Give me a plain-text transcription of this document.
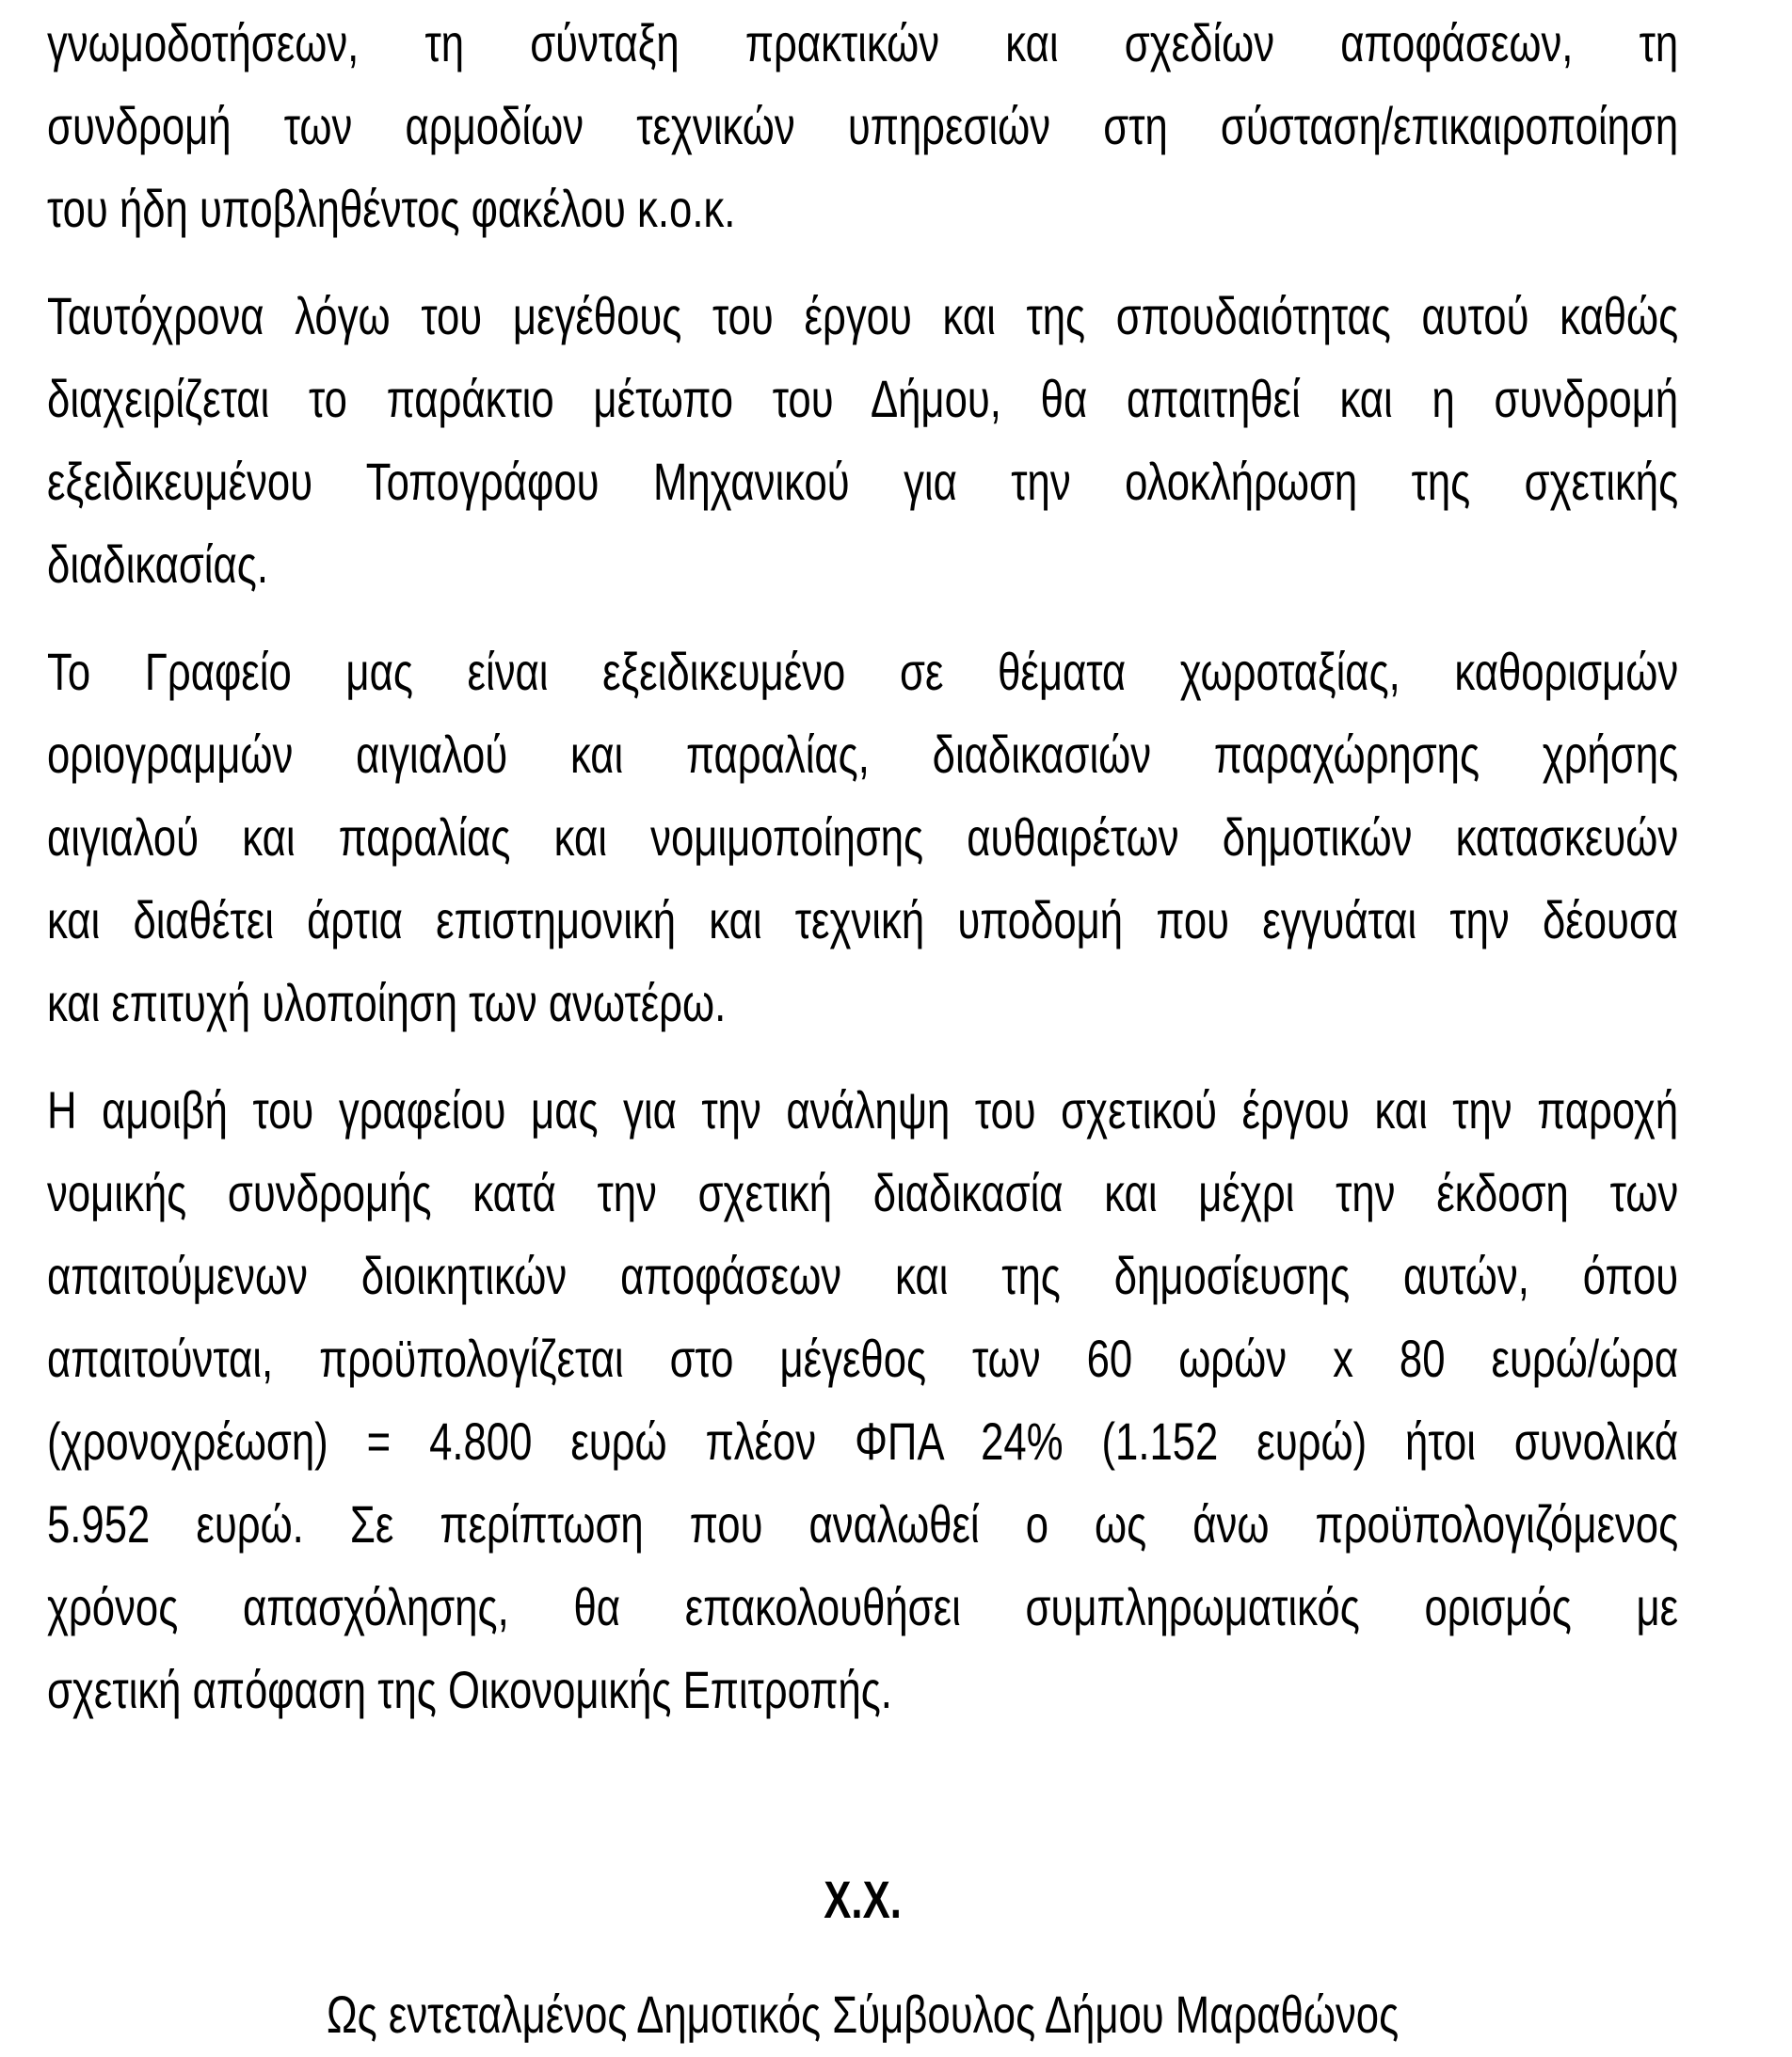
γνωμοδοτήσεων, τη σύνταξη πρακτικών και σχεδίων αποφάσεων, τη
συνδρομή των αρμοδίων τεχνικών υπηρεσιών στη σύσταση/επικαιροποίηση
του ήδη υποβληθέντος φακέλου κ.ο.κ.
Ταυτόχρονα λόγω του μεγέθους του έργου και της σπουδαιότητας αυτού καθώς
διαχειρίζεται το παράκτιο μέτωπο του Δήμου, θα απαιτηθεί και η συνδρομή
εξειδικευμένου Τοπογράφου Μηχανικού για την ολοκλήρωση της σχετικής
διαδικασίας.
Το Γραφείο μας είναι εξειδικευμένο σε θέματα χωροταξίας, καθορισμών
οριογραμμών αιγιαλού και παραλίας, διαδικασιών παραχώρησης χρήσης
αιγιαλού και παραλίας και νομιμοποίησης αυθαιρέτων δημοτικών κατασκευών
και διαθέτει άρτια επιστημονική και τεχνική υποδομή που εγγυάται την δέουσα
και επιτυχή υλοποίηση των ανωτέρω.
Η αμοιβή του γραφείου μας για την ανάληψη του σχετικού έργου και την παροχή
νομικής συνδρομής κατά την σχετική διαδικασία και μέχρι την έκδοση των
απαιτούμενων διοικητικών αποφάσεων και της δημοσίευσης αυτών, όπου
απαιτούνται, προϋπολογίζεται στο μέγεθος των 60 ωρών x 80 ευρώ/ώρα
(χρονοχρέωση) = 4.800 ευρώ πλέον ΦΠΑ 24% (1.152 ευρώ) ήτοι συνολικά
5.952 ευρώ. Σε περίπτωση που αναλωθεί ο ως άνω προϋπολογιζόμενος
χρόνος απασχόλησης, θα επακολουθήσει συμπληρωματικός ορισμός με
σχετική απόφαση της Οικονομικής Επιτροπής.
Χ.Χ.
Ως εντεταλμένος Δημοτικός Σύμβουλος Δήμου Μαραθώνος
